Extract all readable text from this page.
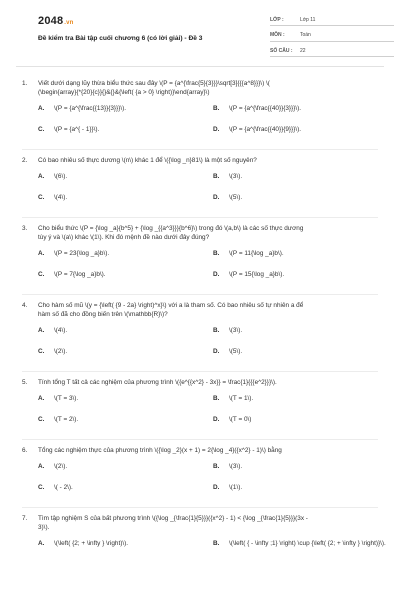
2048.vn
Đề kiểm tra Bài tập cuối chương 6 (có lời giải) - Đề 3
LỚP :	Lớp 11
MÔN :	Toán
SỐ CÂU :	22
1.	Viết dưới dạng lũy thừa biểu thức sau đây \(P = {a^{\frac{5}{3}}}\sqrt[3]{{{a^8}}}\) \(
(\begin{array}{*{20}{c}}{}&{}&{\left( {a > 0} \right)}\end{array}\)
A.	\(P = {a^{\frac{{13}}{3}}}\).	B.	\(P = {a^{\frac{{40}}{3}}}\).
C.	\(P = {a^{ - 1}}\).	D.	\(P = {a^{\frac{{40}}{9}}}\).
2.	Có bao nhiêu số thực dương \(n\) khác 1 để \({\log _n}81\) là một số nguyên?
A.	\(6\).	B.	\(3\).
C.	\(4\).	D.	\(5\).
3.	Cho biểu thức \(P = {\log _a}{b^5} + {\log _{{a^3}}}{b^6}\) trong đó \(a,b\) là các số thực dương
tùy ý và \(a\) khác \(1\). Khi đó mệnh đề nào dưới đây đúng?
A.	\(P = 23{\log _a}b\).	B.	\(P = 11{\log _a}b\).
C.	\(P = 7{\log _a}b\).	D.	\(P = 15{\log _a}b\).
4.	Cho hàm số mũ \(y = {\left( {9 - 2a} \right)^x}\) với a là tham số. Có bao nhiêu số tự nhiên a để
hàm số đã cho đồng biến trên \(\mathbb{R}\)?
A.	\(4\).	B.	\(3\).
C.	\(2\).	D.	\(5\).
5.	Tính tổng T tất cả các nghiệm của phương trình \({e^{{x^2} - 3x}} = \frac{1}{{{e^2}}}\).
A.	\(T = 3\).	B.	\(T = 1\).
C.	\(T = 2\).	D.	\(T = 0\)
6.	Tổng các nghiệm thực của phương trình \({\log _2}(x + 1) = 2{\log _4}({x^2} - 1)\) bằng
A.	\(2\).	B.	\(3\).
C.	\( - 2\).	D.	\(1\).
7.	Tìm tập nghiệm S của bất phương trình \({\log _{\frac{1}{5}}}({x^2} - 1) < {\log _{\frac{1}{5}}}(3x -
3)\).
A.	\(\left( {2; + \infty } \right)\).	B.	\(\left( { - \infty ;1} \right) \cup {\left( {2; + \infty } \right)}\).
